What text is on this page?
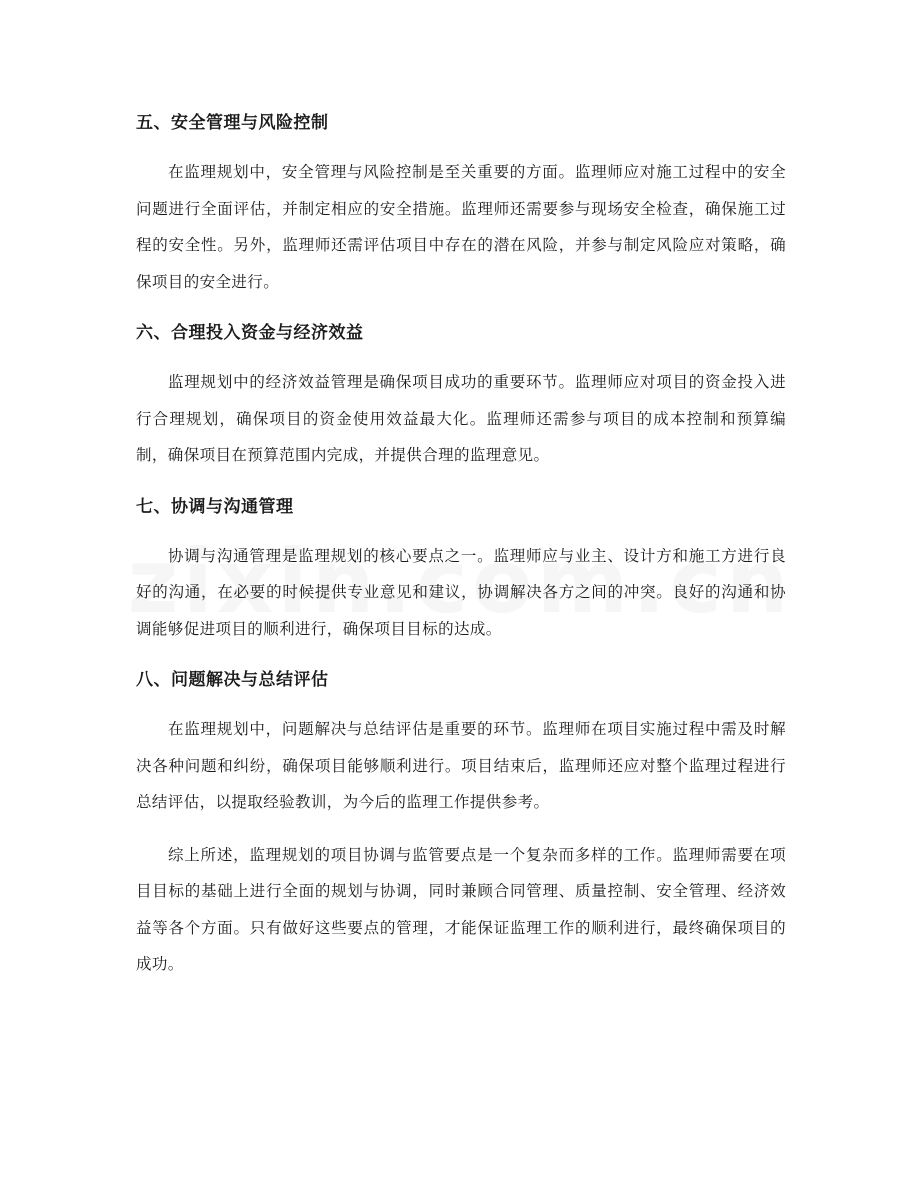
五、安全管理与风险控制

在监理规划中，安全管理与风险控制是至关重要的方面。监理师应对施工过程中的安全问题进行全面评估，并制定相应的安全措施。监理师还需要参与现场安全检查，确保施工过程的安全性。另外，监理师还需评估项目中存在的潜在风险，并参与制定风险应对策略，确保项目的安全进行。

六、合理投入资金与经济效益

监理规划中的经济效益管理是确保项目成功的重要环节。监理师应对项目的资金投入进行合理规划，确保项目的资金使用效益最大化。监理师还需参与项目的成本控制和预算编制，确保项目在预算范围内完成，并提供合理的监理意见。

七、协调与沟通管理

协调与沟通管理是监理规划的核心要点之一。监理师应与业主、设计方和施工方进行良好的沟通，在必要的时候提供专业意见和建议，协调解决各方之间的冲突。良好的沟通和协调能够促进项目的顺利进行，确保项目目标的达成。

八、问题解决与总结评估

在监理规划中，问题解决与总结评估是重要的环节。监理师在项目实施过程中需及时解决各种问题和纠纷，确保项目能够顺利进行。项目结束后，监理师还应对整个监理过程进行总结评估，以提取经验教训，为今后的监理工作提供参考。

综上所述，监理规划的项目协调与监管要点是一个复杂而多样的工作。监理师需要在项目目标的基础上进行全面的规划与协调，同时兼顾合同管理、质量控制、安全管理、经济效益等各个方面。只有做好这些要点的管理，才能保证监理工作的顺利进行，最终确保项目的成功。
